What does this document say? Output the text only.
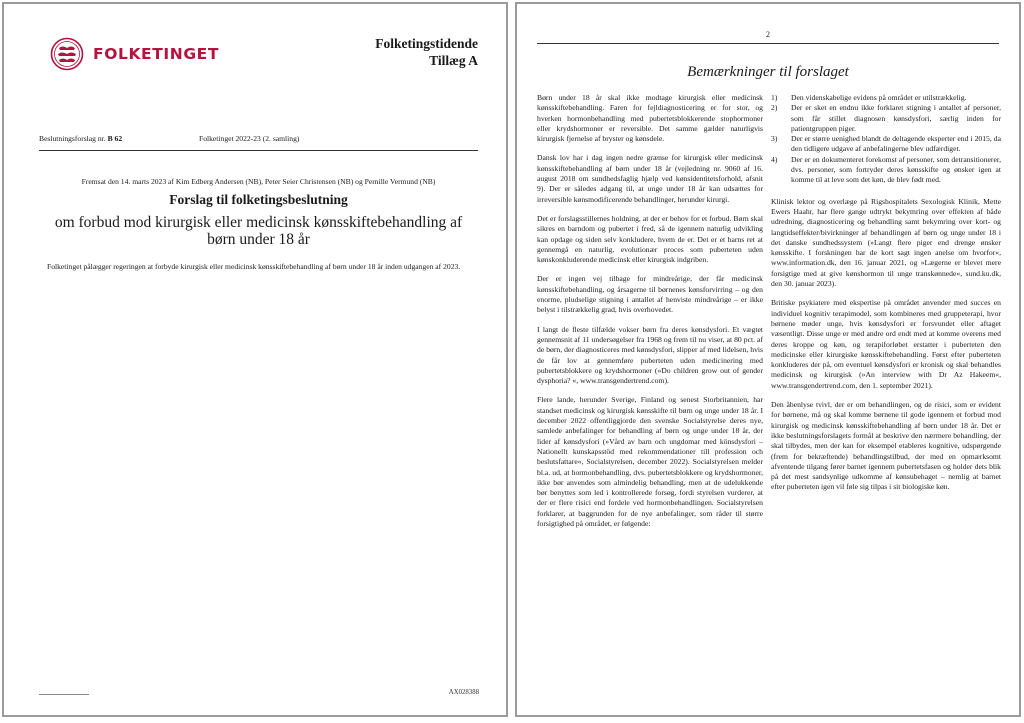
FOLKETINGET
Folketingstidende
Tillæg A
Beslutningsforslag nr. B 62	Folketinget 2022-23 (2. samling)
Fremsat den 14. marts 2023 af Kim Edberg Andersen (NB), Peter Seier Christensen (NB) og Pernille Vermund (NB)
Forslag til folketingsbeslutning
om forbud mod kirurgisk eller medicinsk kønsskiftebehandling af børn under 18 år
Folketinget pålægger regeringen at forbyde kirurgisk eller medicinsk kønsskiftebehandling af børn under 18 år inden udgangen af 2023.
AX028388
2
Bemærkninger til forslaget

Børn under 18 år skal ikke modtage kirurgisk eller medicinsk kønsskiftebehandling. Faren for fejldiagnosticering er for stor, og hverken hormonbehandling med pubertetsblokkerende stophormoner eller krydshormoner er reversible. Det samme gælder naturligvis kirurgisk fjernelse af bryster og kønsdele.

Dansk lov har i dag ingen nedre grænse for kirurgisk eller medicinsk kønsskiftebehandling af børn under 18 år (vejledning nr. 9060 af 16. august 2018 om sundhedsfaglig hjælp ved kønsidentitetsforhold, afsnit 9). Der er således adgang til, at unge under 18 år kan udsættes for irreversible kønsmodificerende behandlinger, herunder kirurgi.

Det er forslagsstillernes holdning, at der er behov for et forbud. Børn skal sikres en barndom og pubertet i fred, så de igennem naturlig udvikling kan opdage og siden selv konkludere, hvem de er. Det er et barns ret at gennemgå en naturlig, evolutionær proces som puberteten uden kønskonkluderende medicinsk eller kirurgisk indgriben.

Der er ingen vej tilbage for mindreårige, der får medicinsk kønsskiftebehandling, og årsagerne til børnenes kønsforvirring – og den enorme, pludselige stigning i antallet af henviste mindreårige – er ikke belyst i tilstrækkelig grad, hvis overhovedet.

I langt de fleste tilfælde vokser børn fra deres kønsdysfori. Et vægtet gennemsnit af 11 undersøgelser fra 1968 og frem til nu viser, at 80 pct. af de børn, der diagnosticeres med kønsdysfori, slipper af med lidelsen, hvis de får lov at gennemføre puberteten uden medicinering med pubertetsblokkere og krydshormoner (»Do children grow out of gender dysphoria? «, www.transgendertrend.com).

Flere lande, herunder Sverige, Finland og senest Storbritannien, har standset medicinsk og kirurgisk kønsskifte til børn og unge under 18 år. I december 2022 offentliggjorde den svenske Socialstyrelse deres nye, samlede anbefalinger for behandling af børn og unge under 18 år, der lider af kønsdysfori (»Vård av barn och ungdomar med könsdysfori – Nationellt kunskapsstöd med rekommendationer till profession och beslutsfattare«, Socialstyrelsen, december 2022). Socialstyrelsen melder bl.a. ud, at hormonbehandling, dvs. pubertetsblokkere og krydshormoner, ikke bør anvendes som almindelig behandling, men at de udelukkende bør benyttes som led i kontrollerede forsøg, fordi styrelsen vurderer, at der er flere risici end fordele ved hormonbehandlingen. Socialstyrelsen forklarer, at baggrunden for de nye anbefalinger, som råder til større forsigtighed på området, er følgende:

1)	Den videnskabelige evidens på området er utilstrækkelig.
2)	Der er sket en endnu ikke forklaret stigning i antallet af personer, som får stillet diagnosen kønsdysfori, særlig inden for patientgruppen piger.
3)	Der er større uenighed blandt de deltagende eksperter end i 2015, da den tidligere udgave af anbefalingerne blev udfærdiget.
4)	Der er en dokumenteret forekomst af personer, som detransitionerer, dvs. personer, som fortryder deres kønsskifte og ønsker igen at komme til at leve som det køn, de blev født med.

Klinisk lektor og overlæge på Rigshospitalets Sexologisk Klinik, Mette Ewers Haahr, har flere gange udtrykt bekymring over effekten af både udredning, diagnosticering og behandling samt bekymring over kort- og langtidseffekter/bivirkninger af behandlingen af børn og unge under 18 i det danske sundhedssystem (»Langt flere piger end drenge ønsker kønsskifte. I forskningen har de kort sagt ingen anelse om hvorfor«, www.information.dk, den 16. januar 2021, og »Lægerne er blevet mere forsigtige med at give kønshormon til unge transkønnede«, sund.ku.dk, den 30. januar 2023).

Britiske psykiatere med ekspertise på området anvender med succes en individuel kognitiv terapimodel, som kombineres med gruppeterapi, hvor børnene møder unge, hvis kønsdysfori er forsvundet eller aftaget væsentligt. Disse unge er med andre ord endt med at komme overens med deres kroppe og køn, og terapiforløbet erstatter i puberteten den medicinske eller kirurgiske kønsskiftebehandling. Først efter puberteten konkluderes der på, om eventuel kønsdysfori er kronisk og skal behandles medicinsk og kirurgisk (»An interview with Dr Az Hakeem«, www.transgendertrend.com, den 1. september 2021).

Den åbenlyse tvivl, der er om behandlingen, og de risici, som er evident for børnene, må og skal komme børnene til gode igennem et forbud mod kirurgisk og medicinsk kønsskiftebehandling af børn under 18 år. Det er ikke beslutningsforslagets formål at beskrive den nærmere behandling, der skal tilbydes, men der kan for eksempel etableres kognitive, udspørgende (frem for bekræftende) behandlingstilbud, der med en opmærksomt afventende tilgang fører barnet igennem pubertetsfasen og holder dets blik på det mest sandsynlige udkomme af kønsubehaget – nemlig at barnet efter puberteten igen vil føle sig tilpas i sit biologiske køn.
